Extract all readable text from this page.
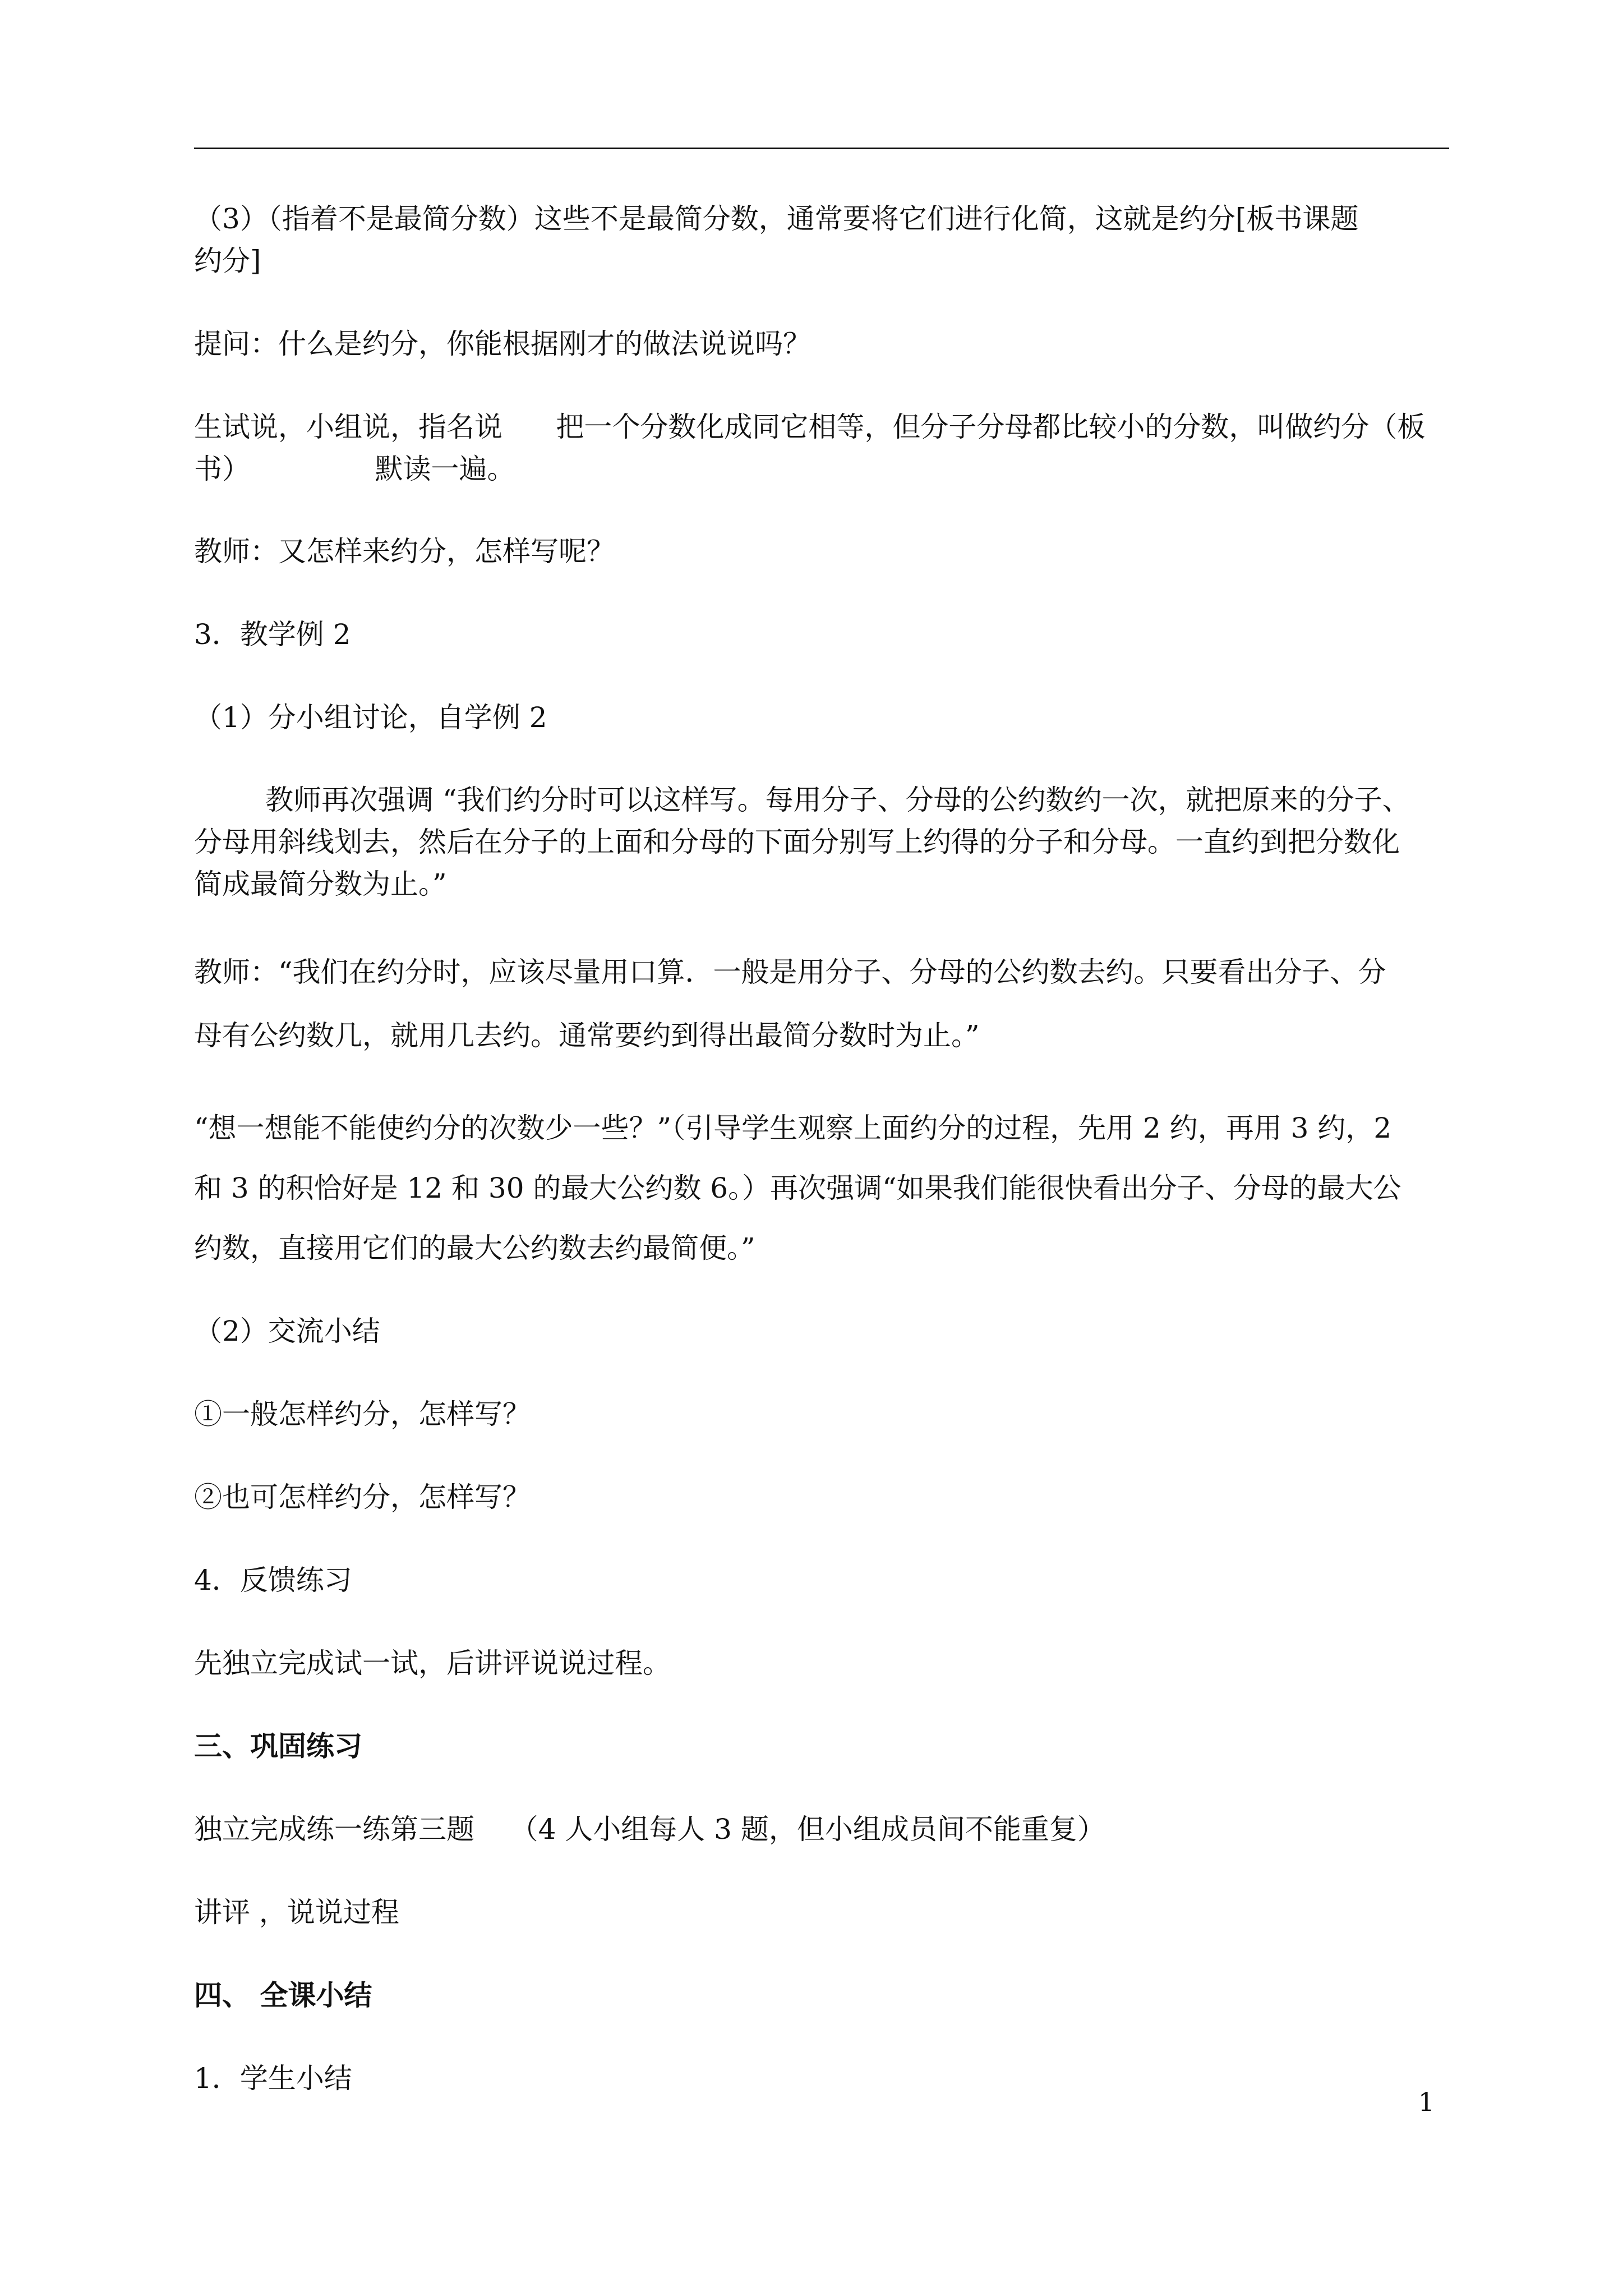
（3）（指着不是最简分数）这些不是最简分数，通常要将它们进行化简，这就是约分[板书课题
约分]
提问：什么是约分，你能根据刚才的做法说说吗？
生试说，小组说，指名说      把一个分数化成同它相等，但分子分母都比较小的分数，叫做约分（板
书）              默读一遍。
教师：又怎样来约分，怎样写呢？
3．教学例 2
（1）分小组讨论，自学例 2
教师再次强调 “我们约分时可以这样写。每用分子、分母的公约数约一次，就把原来的分子、
分母用斜线划去，然后在分子的上面和分母的下面分别写上约得的分子和分母。一直约到把分数化
简成最简分数为止。”
教师：“我们在约分时，应该尽量用口算．一般是用分子、分母的公约数去约。只要看出分子、分
母有公约数几，就用几去约。通常要约到得出最简分数时为止。”
“想一想能不能使约分的次数少一些？”（引导学生观察上面约分的过程，先用 2 约，再用 3 约，2
和 3 的积恰好是 12 和 30 的最大公约数 6。）再次强调“如果我们能很快看出分子、分母的最大公
约数，直接用它们的最大公约数去约最简便。”
（2）交流小结
①一般怎样约分，怎样写？
②也可怎样约分，怎样写？
4．反馈练习
先独立完成试一试，后讲评说说过程。
三、巩固练习
独立完成练一练第三题    （4 人小组每人 3 题，但小组成员间不能重复）
讲评 ，说说过程
四、 全课小结
1．学生小结
1
